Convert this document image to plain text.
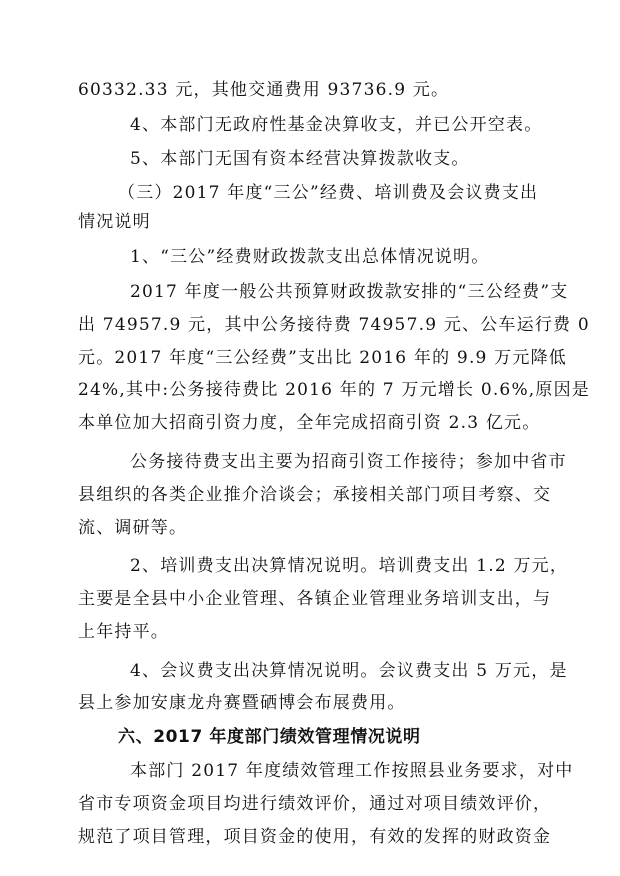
60332.33 元，其他交通费用 93736.9 元。
4、本部门无政府性基金决算收支，并已公开空表。
5、本部门无国有资本经营决算拨款收支。
（三）2017 年度“三公”经费、培训费及会议费支出
情况说明
1、“三公”经费财政拨款支出总体情况说明。
2017 年度一般公共预算财政拨款安排的“三公经费”支
出 74957.9 元，其中公务接待费 74957.9 元、公车运行费 0
元。2017 年度“三公经费”支出比 2016 年的 9.9 万元降低
24%,其中:公务接待费比 2016 年的 7 万元增长 0.6%,原因是
本单位加大招商引资力度，全年完成招商引资 2.3 亿元。
公务接待费支出主要为招商引资工作接待；参加中省市
县组织的各类企业推介洽谈会；承接相关部门项目考察、交
流、调研等。
2、培训费支出决算情况说明。培训费支出 1.2 万元，
主要是全县中小企业管理、各镇企业管理业务培训支出，与
上年持平。
4、会议费支出决算情况说明。会议费支出 5 万元，是
县上参加安康龙舟赛暨硒博会布展费用。
六、2017 年度部门绩效管理情况说明
本部门 2017 年度绩效管理工作按照县业务要求，对中
省市专项资金项目均进行绩效评价，通过对项目绩效评价，
规范了项目管理，项目资金的使用，有效的发挥的财政资金
